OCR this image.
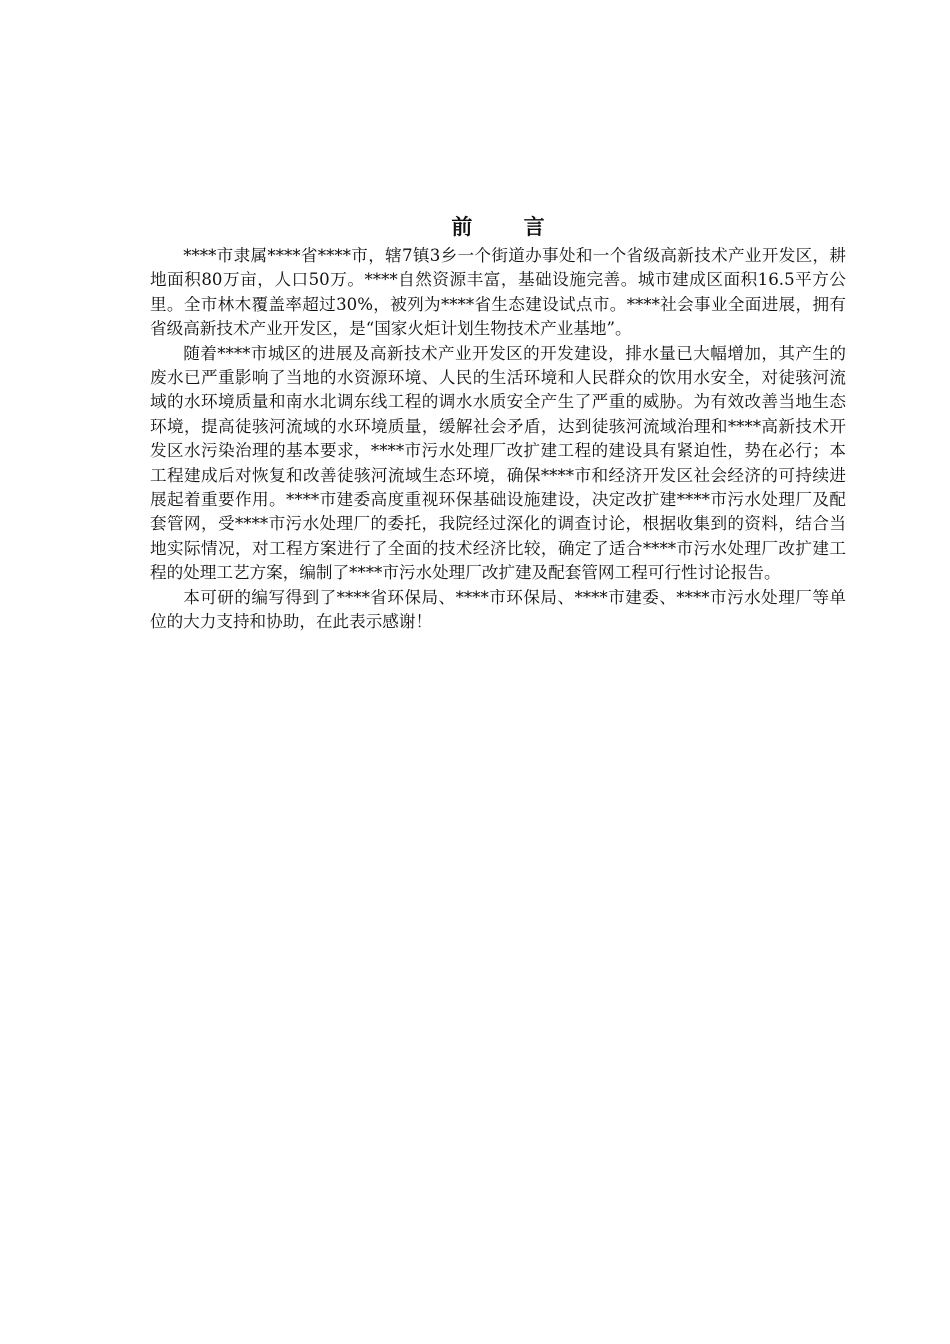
前 言

****市隶属****省****市，辖7镇3乡一个街道办事处和一个省级高新技术产业开发区，耕地面积80万亩，人口50万。****自然资源丰富，基础设施完善。城市建成区面积16.5平方公里。全市林木覆盖率超过30%，被列为****省生态建设试点市。****社会事业全面进展，拥有省级高新技术产业开发区，是“国家火炬计划生物技术产业基地”。

随着****市城区的进展及高新技术产业开发区的开发建设，排水量已大幅增加，其产生的废水已严重影响了当地的水资源环境、人民的生活环境和人民群众的饮用水安全，对徒骇河流域的水环境质量和南水北调东线工程的调水水质安全产生了严重的威胁。为有效改善当地生态环境，提高徒骇河流域的水环境质量，缓解社会矛盾，达到徒骇河流域治理和****高新技术开发区水污染治理的基本要求，****市污水处理厂改扩建工程的建设具有紧迫性，势在必行；本工程建成后对恢复和改善徒骇河流域生态环境，确保****市和经济开发区社会经济的可持续进展起着重要作用。****市建委高度重视环保基础设施建设，决定改扩建****市污水处理厂及配套管网，受****市污水处理厂的委托，我院经过深化的调查讨论，根据收集到的资料，结合当地实际情况，对工程方案进行了全面的技术经济比较，确定了适合****市污水处理厂改扩建工程的处理工艺方案，编制了****市污水处理厂改扩建及配套管网工程可行性讨论报告。

本可研的编写得到了****省环保局、****市环保局、****市建委、****市污水处理厂等单位的大力支持和协助，在此表示感谢！
